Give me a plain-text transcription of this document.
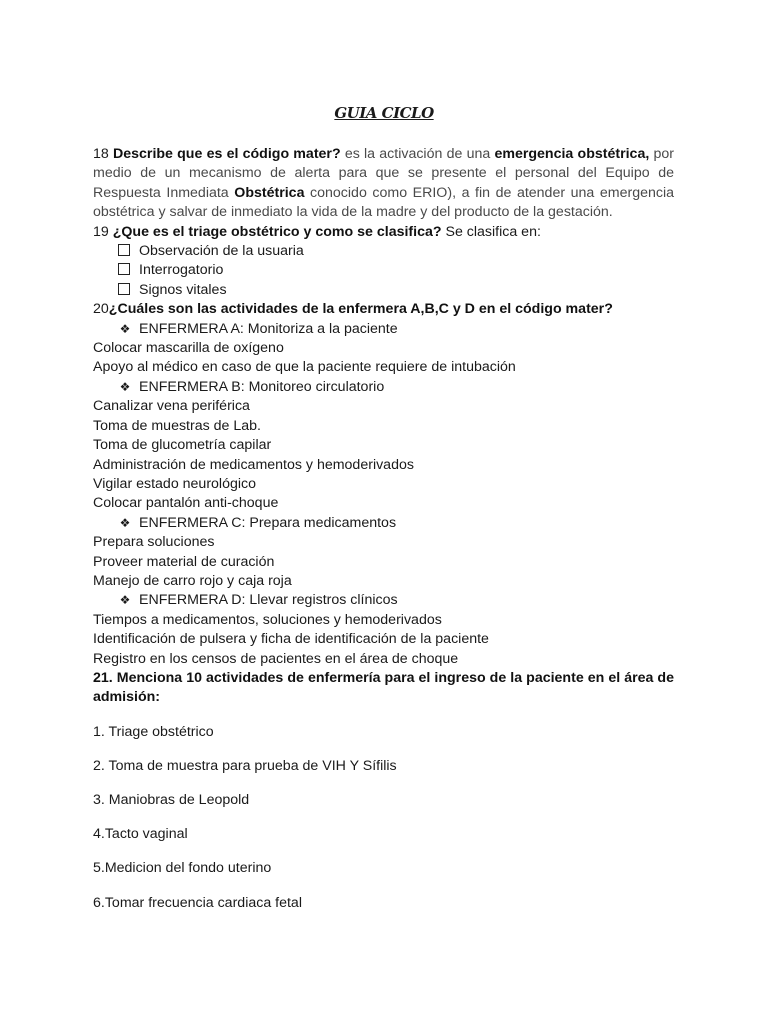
GUIA CICLO
18 Describe que es el código mater? es la activación de una emergencia obstétrica, por medio de un mecanismo de alerta para que se presente el personal del Equipo de Respuesta Inmediata Obstétrica conocido como ERIO), a fin de atender una emergencia obstétrica y salvar de inmediato la vida de la madre y del producto de la gestación.
19 ¿Que es el triage obstétrico y como se clasifica? Se clasifica en:
Observación de la usuaria
Interrogatorio
Signos vitales
20¿Cuáles son las actividades de la enfermera A,B,C y D en el código mater?
❖ ENFERMERA A: Monitoriza a la paciente
Colocar mascarilla de oxígeno
Apoyo al médico en caso de que la paciente requiere de intubación
❖ ENFERMERA B: Monitoreo circulatorio
Canalizar vena periférica
Toma de muestras de Lab.
Toma de glucometría capilar
Administración de medicamentos y hemoderivados
Vigilar estado neurológico
Colocar pantalón anti-choque
❖ ENFERMERA C: Prepara medicamentos
Prepara soluciones
Proveer material de curación
Manejo de carro rojo y caja roja
❖ ENFERMERA D: Llevar registros clínicos
Tiempos a medicamentos, soluciones y hemoderivados
Identificación de pulsera y ficha de identificación de la paciente
Registro en los censos de pacientes en el área de choque
21. Menciona 10 actividades de enfermería para el ingreso de la paciente en el área de admisión:
1. Triage obstétrico
2. Toma de muestra para prueba de VIH Y Sífilis
3. Maniobras de Leopold
4.Tacto vaginal
5.Medicion del fondo uterino
6.Tomar frecuencia cardiaca fetal
